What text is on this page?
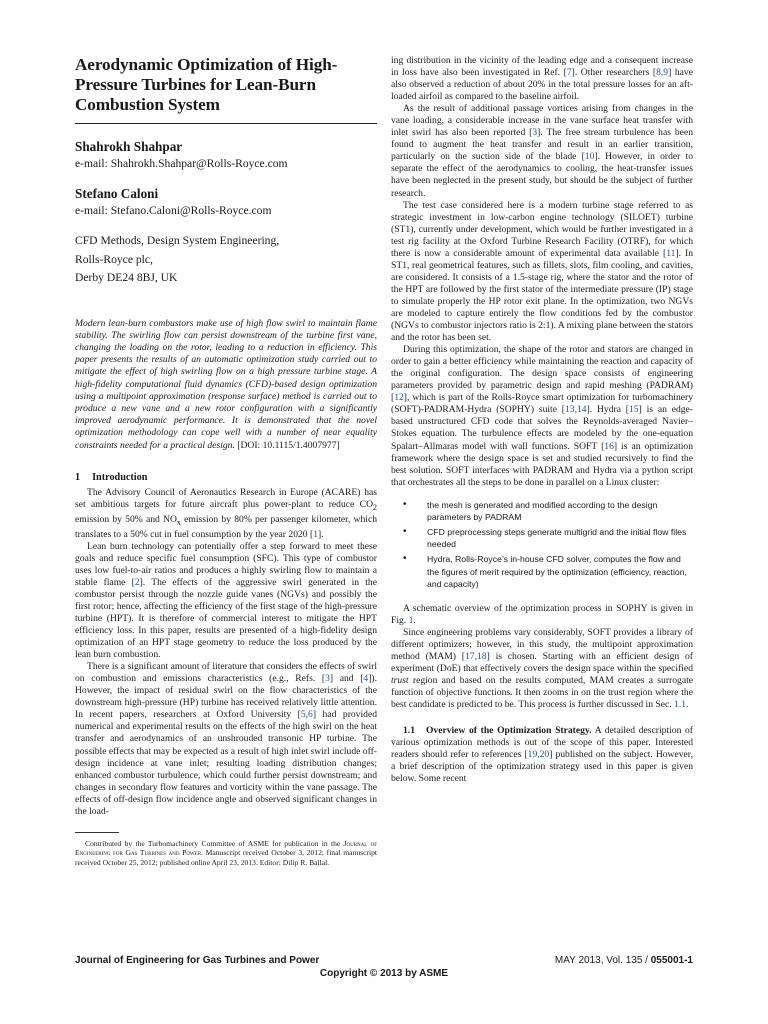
Aerodynamic Optimization of High-Pressure Turbines for Lean-Burn Combustion System

Shahrokh Shahpar

e-mail: Shahrokh.Shahpar@Rolls-Royce.com

Stefano Caloni

e-mail: Stefano.Caloni@Rolls-Royce.com

CFD Methods, Design System Engineering,

Rolls-Royce plc,

Derby DE24 8BJ, UK

Modern lean-burn combustors make use of high flow swirl to maintain flame stability. The swirling flow can persist downstream of the turbine first vane, changing the loading on the rotor, leading to a reduction in efficiency. This paper presents the results of an automatic optimization study carried out to mitigate the effect of high swirling flow on a high pressure turbine stage. A high-fidelity computational fluid dynamics (CFD)-based design optimization using a multipoint approximation (response surface) method is carried out to produce a new vane and a new rotor configuration with a significantly improved aerodynamic performance. It is demonstrated that the novel optimization methodology can cope well with a number of near equality constraints needed for a practical design. [DOI: 10.1115/1.4007977]

1 Introduction

The Advisory Council of Aeronautics Research in Europe (ACARE) has set ambitious targets for future aircraft plus power-plant to reduce $CO_2$ emission by 50% and $NO_x$ emission by 80% per passenger kilometer, which translates to a 50% cut in fuel consumption by the year 2020 [1].

Lean burn technology can potentially offer a step forward to meet these goals and reduce specific fuel consumption (SFC). This type of combustor uses low fuel-to-air ratios and produces a highly swirling flow to maintain a stable flame [2]. The effects of the aggressive swirl generated in the combustor persist through the nozzle guide vanes (NGVs) and possibly the first rotor; hence, affecting the efficiency of the first stage of the high-pressure turbine (HPT). It is therefore of commercial interest to mitigate the HPT efficiency loss. In this paper, results are presented of a high-fidelity design optimization of an HPT stage geometry to reduce the loss produced by the lean burn combustion.

There is a significant amount of literature that considers the effects of swirl on combustion and emissions characteristics (e.g., Refs. [3] and [4]). However, the impact of residual swirl on the flow characteristics of the downstream high-pressure (HP) turbine has received relatively little attention. In recent papers, researchers at Oxford University [5,6] had provided numerical and experimental results on the effects of the high swirl on the heat transfer and aerodynamics of an unshrouded transonic HP turbine. The possible effects that may be expected as a result of high inlet swirl include off-design incidence at vane inlet; resulting loading distribution changes; enhanced combustor turbulence, which could further persist downstream; and changes in secondary flow features and vorticity within the vane passage. The effects of off-design flow incidence angle and observed significant changes in the load-

Contributed by the Turbomachinery Committee of ASME for publication in the Journal of Engineering for Gas Turbines and Power. Manuscript received October 3, 2012; final manuscript received October 25, 2012; published online April 23, 2013. Editor: Dilip R. Ballal.

ing distribution in the vicinity of the leading edge and a consequent increase in loss have also been investigated in Ref. [7]. Other researchers [8,9] have also observed a reduction of about 20% in the total pressure losses for an aft-loaded airfoil as compared to the baseline airfoil.

As the result of additional passage vortices arising from changes in the vane loading, a considerable increase in the vane surface heat transfer with inlet swirl has also been reported [3]. The free stream turbulence has been found to augment the heat transfer and result in an earlier transition, particularly on the suction side of the blade [10]. However, in order to separate the effect of the aerodynamics to cooling, the heat-transfer issues have been neglected in the present study, but should be the subject of further research.

The test case considered here is a modern turbine stage referred to as strategic investment in low-carbon engine technology (SILOET) turbine (ST1), currently under development, which would be further investigated in a test rig facility at the Oxford Turbine Research Facility (OTRF), for which there is now a considerable amount of experimental data available [11]. In ST1, real geometrical features, such as fillets, slots, film cooling, and cavities, are considered. It consists of a 1.5-stage rig, where the stator and the rotor of the HPT are followed by the first stator of the intermediate pressure (IP) stage to simulate properly the HP rotor exit plane. In the optimization, two NGVs are modeled to capture entirely the flow conditions fed by the combustor (NGVs to combustor injectors ratio is 2:1). A mixing plane between the stators and the rotor has been set.

During this optimization, the shape of the rotor and stators are changed in order to gain a better efficiency while maintaining the reaction and capacity of the original configuration. The design space consists of engineering parameters provided by parametric design and rapid meshing (PADRAM) [12], which is part of the Rolls-Royce smart optimization for turbomachinery (SOFT)-PADRAM-Hydra (SOPHY) suite [13,14]. Hydra [15] is an edge-based unstructured CFD code that solves the Reynolds-averaged Navier–Stokes equation. The turbulence effects are modeled by the one-equation Spalart–Allmaras model with wall functions. SOFT [16] is an optimization framework where the design space is set and studied recursively to find the best solution. SOFT interfaces with PADRAM and Hydra via a python script that orchestrates all the steps to be done in parallel on a Linux cluster:

• the mesh is generated and modified according to the design parameters by PADRAM
• CFD preprocessing steps generate multigrid and the initial flow files needed
• Hydra, Rolls-Royce’s in-house CFD solver, computes the flow and the figures of merit required by the optimization (efficiency, reaction, and capacity)

A schematic overview of the optimization process in SOPHY is given in Fig. 1.

Since engineering problems vary considerably, SOFT provides a library of different optimizers; however, in this study, the multipoint approximation method (MAM) [17,18] is chosen. Starting with an efficient design of experiment (DoE) that effectively covers the design space within the specified trust region and based on the results computed, MAM creates a surrogate function of objective functions. It then zooms in on the trust region where the best candidate is predicted to be. This process is further discussed in Sec. 1.1.

1.1 Overview of the Optimization Strategy. A detailed description of various optimization methods is out of the scope of this paper. Interested readers should refer to references [19,20] published on the subject. However, a brief description of the optimization strategy used in this paper is given below. Some recent

Journal of Engineering for Gas Turbines and Power	MAY 2013, Vol. 135 / 055001-1
Copyright © 2013 by ASME
